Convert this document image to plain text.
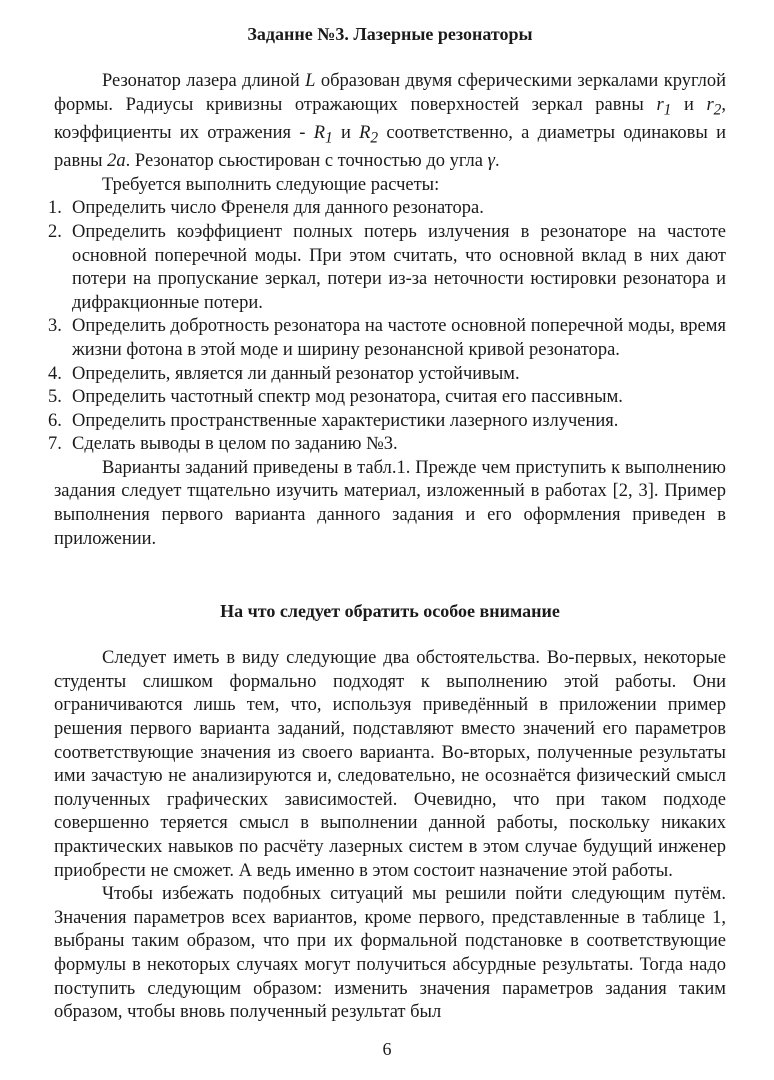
Заданне №3. Лазерные резонаторы

Резонатор лазера длиной L образован двумя сферическими зеркалами круглой формы. Радиусы кривизны отражающих поверхностей зеркал равны $r_1$ и $r_2$, коэффициенты их отражения - $R_1$ и $R_2$ соответственно, а диаметры одинаковы и равны 2a. Резонатор сьюстирован с точностью до угла γ.

Требуется выполнить следующие расчеты:

1. Определить число Френеля для данного резонатора.
2. Определить коэффициент полных потерь излучения в резонаторе на частоте основной поперечной моды. При этом считать, что основной вклад в них дают потери на пропускание зеркал, потери из-за неточности юстировки резонатора и дифракционные потери.
3. Определить добротность резонатора на частоте основной поперечной моды, время жизни фотона в этой моде и ширину резонансной кривой резонатора.
4. Определить, является ли данный резонатор устойчивым.
5. Определить частотный спектр мод резонатора, считая его пассивным.
6. Определить пространственные характеристики лазерного излучения.
7. Сделать выводы в целом по заданию №3.

Варианты заданий приведены в табл.1. Прежде чем приступить к выполнению задания следует тщательно изучить материал, изложенный в работах [2, 3]. Пример выполнения первого варианта данного задания и его оформления приведен в приложении.

На что следует обратить особое внимание

Следует иметь в виду следующие два обстоятельства. Во-первых, некоторые студенты слишком формально подходят к выполнению этой работы. Они ограничиваются лишь тем, что, используя приведённый в приложении пример решения первого варианта заданий, подставляют вместо значений его параметров соответствующие значения из своего варианта. Во-вторых, полученные результаты ими зачастую не анализируются и, следовательно, не осознаётся физический смысл полученных графических зависимостей. Очевидно, что при таком подходе совершенно теряется смысл в выполнении данной работы, поскольку никаких практических навыков по расчёту лазерных систем в этом случае будущий инженер приобрести не сможет. А ведь именно в этом состоит назначение этой работы.

Чтобы избежать подобных ситуаций мы решили пойти следующим путём. Значения параметров всех вариантов, кроме первого, представленные в таблице 1, выбраны таким образом, что при их формальной подстановке в соответствующие формулы в некоторых случаях могут получиться абсурдные результаты. Тогда надо поступить следующим образом: изменить значения параметров задания таким образом, чтобы вновь полученный результат был

6
